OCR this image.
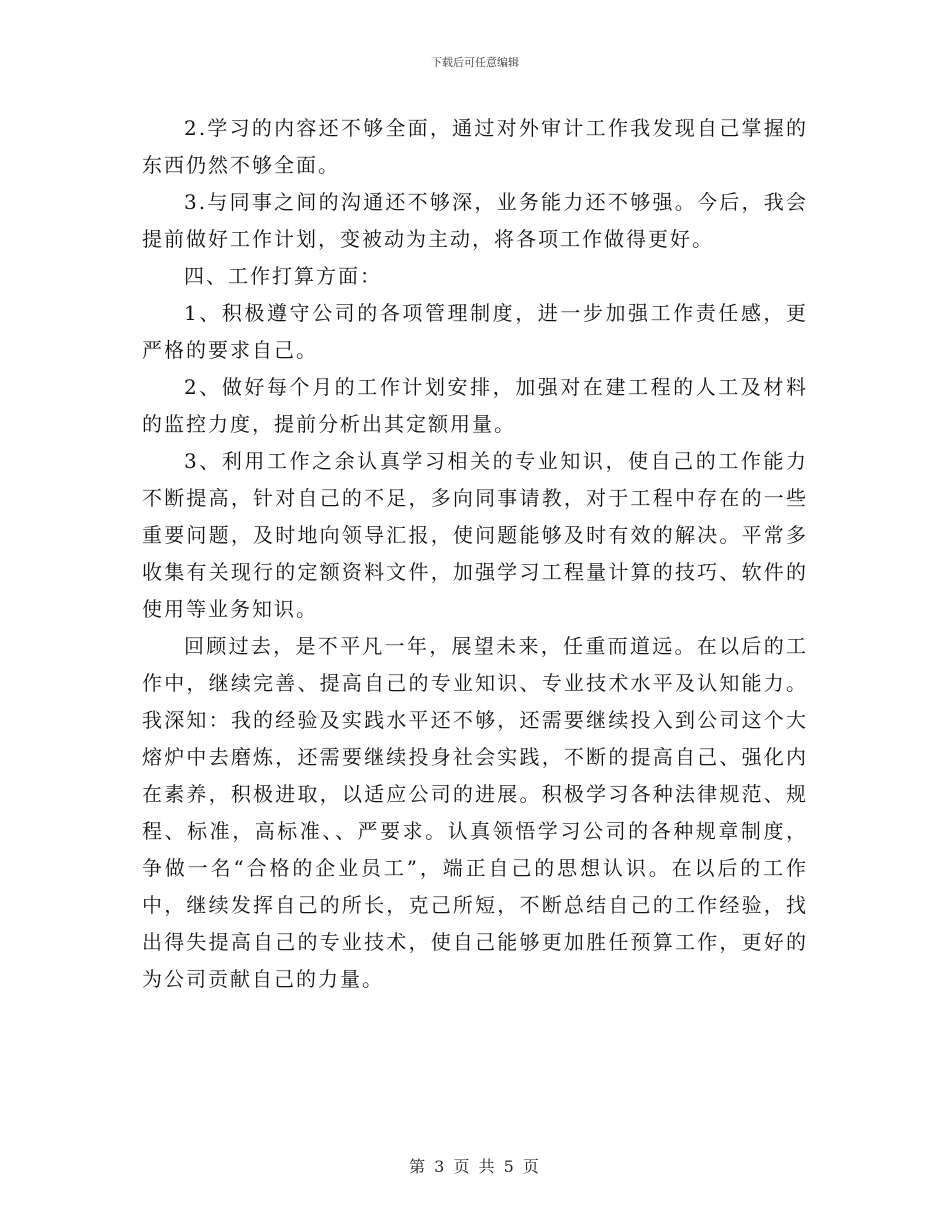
下载后可任意编辑

2.学习的内容还不够全面，通过对外审计工作我发现自己掌握的东西仍然不够全面。

3.与同事之间的沟通还不够深，业务能力还不够强。今后，我会提前做好工作计划，变被动为主动，将各项工作做得更好。

四、工作打算方面：

1、积极遵守公司的各项管理制度，进一步加强工作责任感，更严格的要求自己。

2、做好每个月的工作计划安排，加强对在建工程的人工及材料的监控力度，提前分析出其定额用量。

3、利用工作之余认真学习相关的专业知识，使自己的工作能力不断提高，针对自己的不足，多向同事请教，对于工程中存在的一些重要问题，及时地向领导汇报，使问题能够及时有效的解决。平常多收集有关现行的定额资料文件，加强学习工程量计算的技巧、软件的使用等业务知识。

回顾过去，是不平凡一年，展望未来，任重而道远。在以后的工作中，继续完善、提高自己的专业知识、专业技术水平及认知能力。我深知：我的经验及实践水平还不够，还需要继续投入到公司这个大熔炉中去磨炼，还需要继续投身社会实践，不断的提高自己、强化内在素养，积极进取，以适应公司的进展。积极学习各种法律规范、规程、标准，高标准、、严要求。认真领悟学习公司的各种规章制度，争做一名“合格的企业员工”，端正自己的思想认识。在以后的工作中，继续发挥自己的所长，克己所短，不断总结自己的工作经验，找出得失提高自己的专业技术，使自己能够更加胜任预算工作，更好的为公司贡献自己的力量。

第 3 页 共 5 页
